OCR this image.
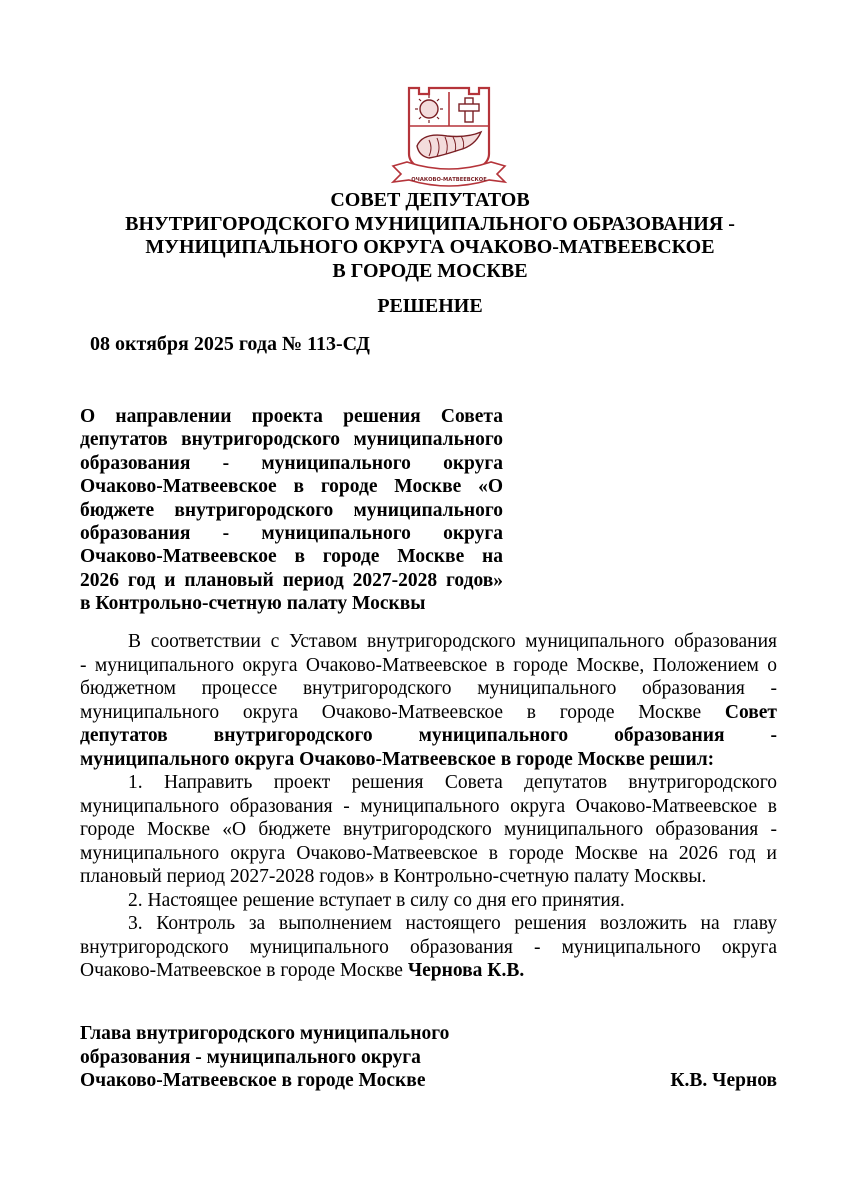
ОЧАКОВО-МАТВЕЕВСКОЕ
СОВЕТ ДЕПУТАТОВ
ВНУТРИГОРОДСКОГО МУНИЦИПАЛЬНОГО ОБРАЗОВАНИЯ -
МУНИЦИПАЛЬНОГО ОКРУГА ОЧАКОВО-МАТВЕЕВСКОЕ
В ГОРОДЕ МОСКВЕ
РЕШЕНИЕ
08 октября 2025 года № 113-СД
О направлении проекта решения Совета
депутатов внутригородского муниципального
образования - муниципального округа
Очаково-Матвеевское в городе Москве «О
бюджете внутригородского муниципального
образования - муниципального округа
Очаково-Матвеевское в городе Москве на
2026 год и плановый период 2027-2028 годов»
в Контрольно-счетную палату Москвы
В соответствии с Уставом внутригородского муниципального образования
- муниципального округа Очаково-Матвеевское в городе Москве, Положением о
бюджетном процессе внутригородского муниципального образования -
муниципального округа Очаково-Матвеевское в городе Москве Совет
депутатов внутригородского муниципального образования -
муниципального округа Очаково-Матвеевское в городе Москве решил:
1. Направить проект решения Совета депутатов внутригородского
муниципального образования - муниципального округа Очаково-Матвеевское в
городе Москве «О бюджете внутригородского муниципального образования -
муниципального округа Очаково-Матвеевское в городе Москве на 2026 год и
плановый период 2027-2028 годов» в Контрольно-счетную палату Москвы.
2. Настоящее решение вступает в силу со дня его принятия.
3. Контроль за выполнением настоящего решения возложить на главу
внутригородского муниципального образования - муниципального округа
Очаково-Матвеевское в городе Москве Чернова К.В.
Глава внутригородского муниципального
образования - муниципального округа
Очаково-Матвеевское в городе Москве	К.В. Чернов
